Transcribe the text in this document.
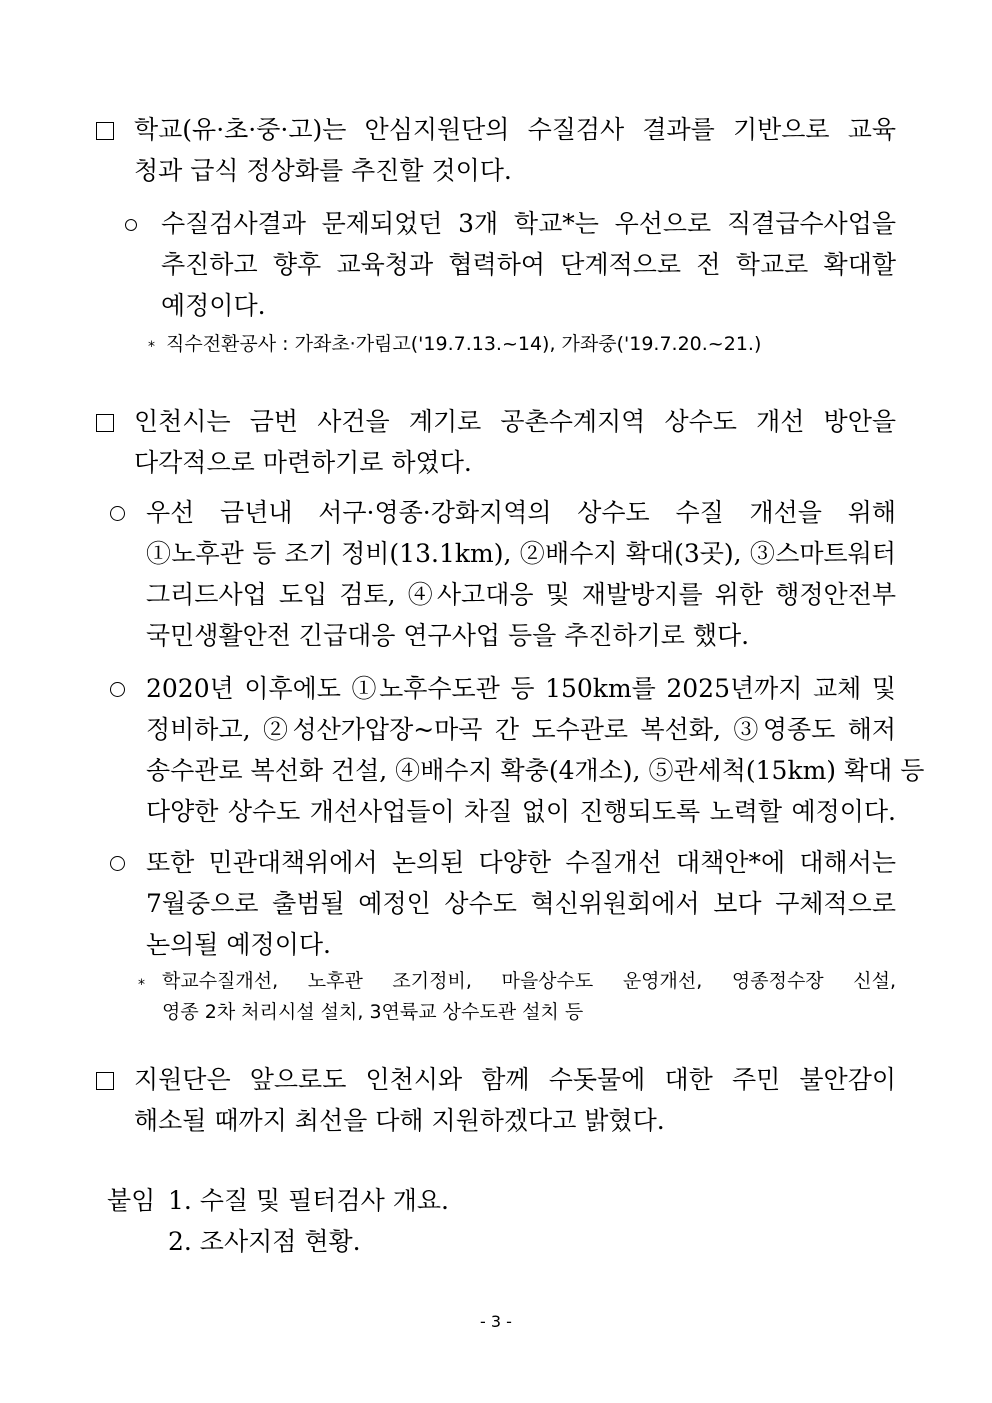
학교(유·초·중·고)는 안심지원단의 수질검사 결과를 기반으로 교육
청과 급식 정상화를 추진할 것이다.
수질검사결과 문제되었던 3개 학교*는 우선으로 직결급수사업을
추진하고 향후 교육청과 협력하여 단계적으로 전 학교로 확대할
예정이다.
* 직수전환공사 : 가좌초·가림고('19.7.13.~14), 가좌중('19.7.20.~21.)
인천시는 금번 사건을 계기로 공촌수계지역 상수도 개선 방안을
다각적으로 마련하기로 하였다.
우선 금년내 서구·영종·강화지역의 상수도 수질 개선을 위해
①노후관 등 조기 정비(13.1km), ②배수지 확대(3곳), ③스마트워터
그리드사업 도입 검토, ④사고대응 및 재발방지를 위한 행정안전부
국민생활안전 긴급대응 연구사업 등을 추진하기로 했다.
2020년 이후에도 ①노후수도관 등 150km를 2025년까지 교체 및
정비하고, ②성산가압장~마곡 간 도수관로 복선화, ③영종도 해저
송수관로 복선화 건설, ④배수지 확충(4개소), ⑤관세척(15km) 확대 등
다양한 상수도 개선사업들이 차질 없이 진행되도록 노력할 예정이다.
또한 민관대책위에서 논의된 다양한 수질개선 대책안*에 대해서는
7월중으로 출범될 예정인 상수도 혁신위원회에서 보다 구체적으로
논의될 예정이다.
* 학교수질개선, 노후관 조기정비, 마을상수도 운영개선, 영종정수장 신설,
영종 2차 처리시설 설치, 3연륙교 상수도관 설치 등
지원단은 앞으로도 인천시와 함께 수돗물에 대한 주민 불안감이
해소될 때까지 최선을 다해 지원하겠다고 밝혔다.
붙임 1. 수질 및 필터검사 개요.
2. 조사지점 현황.
- 3 -
